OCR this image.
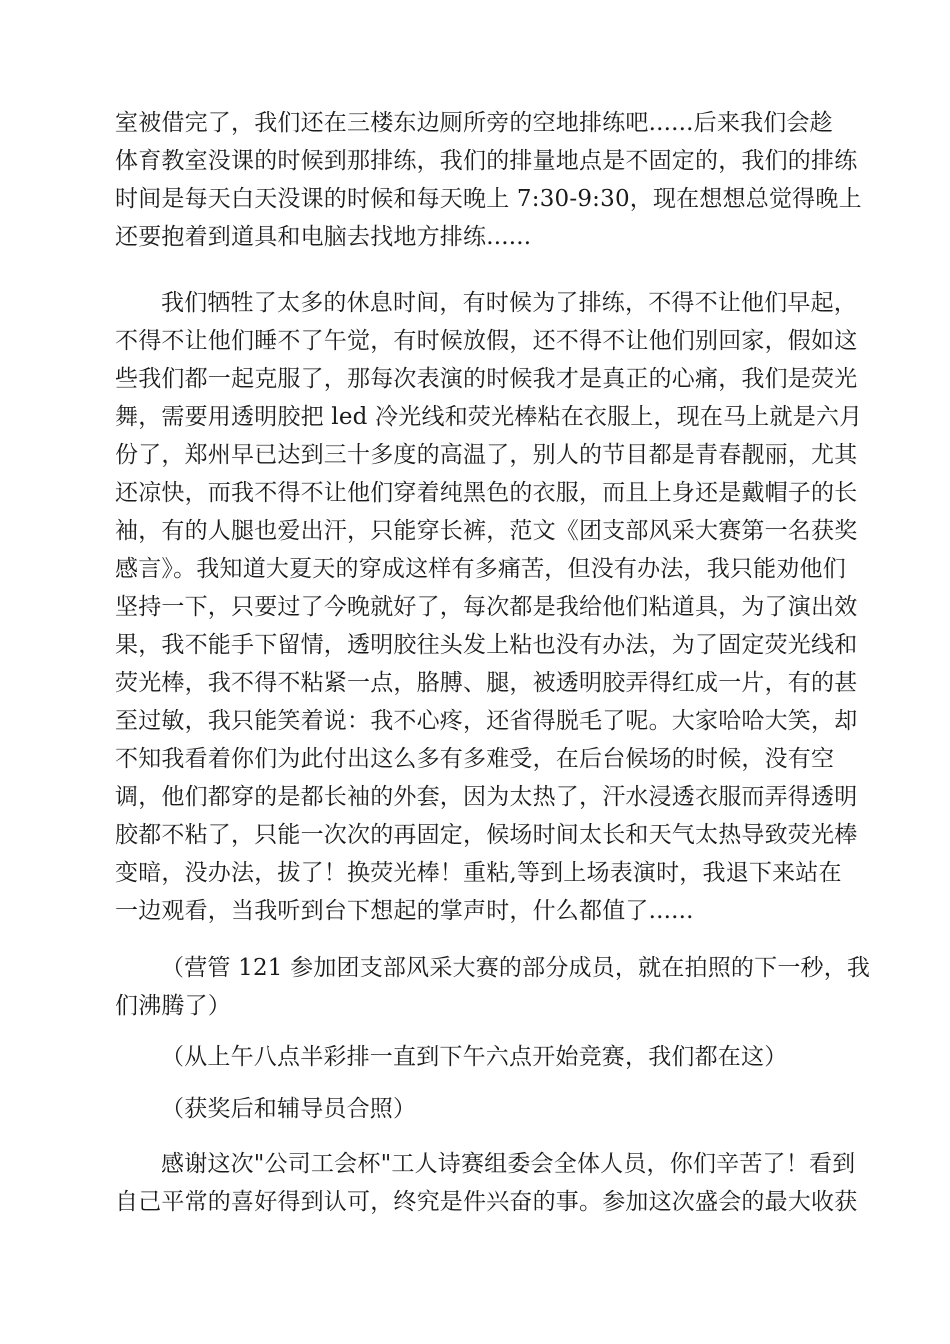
室被借完了，我们还在三楼东边厕所旁的空地排练吧......后来我们会趁
体育教室没课的时候到那排练，我们的排量地点是不固定的，我们的排练
时间是每天白天没课的时候和每天晚上 7:30-9:30，现在想想总觉得晚上
还要抱着到道具和电脑去找地方排练......
我们牺牲了太多的休息时间，有时候为了排练，不得不让他们早起，
不得不让他们睡不了午觉，有时候放假，还不得不让他们别回家，假如这
些我们都一起克服了，那每次表演的时候我才是真正的心痛，我们是荧光
舞，需要用透明胶把 led 冷光线和荧光棒粘在衣服上，现在马上就是六月
份了，郑州早已达到三十多度的高温了，别人的节目都是青春靓丽，尤其
还凉快，而我不得不让他们穿着纯黑色的衣服，而且上身还是戴帽子的长
袖，有的人腿也爱出汗，只能穿长裤，范文《团支部风采大赛第一名获奖
感言》。我知道大夏天的穿成这样有多痛苦，但没有办法，我只能劝他们
坚持一下，只要过了今晚就好了，每次都是我给他们粘道具，为了演出效
果，我不能手下留情，透明胶往头发上粘也没有办法，为了固定荧光线和
荧光棒，我不得不粘紧一点，胳膊、腿，被透明胶弄得红成一片，有的甚
至过敏，我只能笑着说：我不心疼，还省得脱毛了呢。大家哈哈大笑，却
不知我看着你们为此付出这么多有多难受，在后台候场的时候，没有空
调，他们都穿的是都长袖的外套，因为太热了，汗水浸透衣服而弄得透明
胶都不粘了，只能一次次的再固定，候场时间太长和天气太热导致荧光棒
变暗，没办法，拔了！换荧光棒！重粘,等到上场表演时，我退下来站在
一边观看，当我听到台下想起的掌声时，什么都值了......
（营管 121 参加团支部风采大赛的部分成员，就在拍照的下一秒，我
们沸腾了）
（从上午八点半彩排一直到下午六点开始竞赛，我们都在这）
（获奖后和辅导员合照）
感谢这次"公司工会杯"工人诗赛组委会全体人员，你们辛苦了！看到
自己平常的喜好得到认可，终究是件兴奋的事。参加这次盛会的最大收获
